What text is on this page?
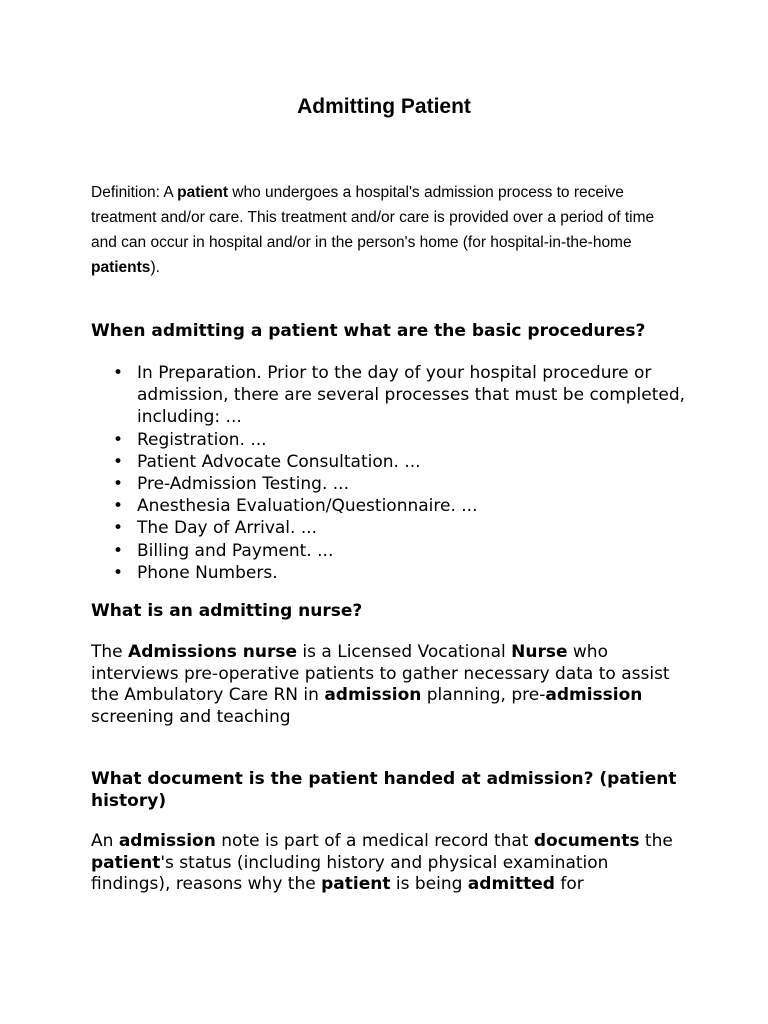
Admitting Patient

Definition: A patient who undergoes a hospital's admission process to receive treatment and/or care. This treatment and/or care is provided over a period of time and can occur in hospital and/or in the person's home (for hospital-in-the-home patients).

When admitting a patient what are the basic procedures?
• In Preparation. Prior to the day of your hospital procedure or admission, there are several processes that must be completed, including: ...
• Registration. ...
• Patient Advocate Consultation. ...
• Pre-Admission Testing. ...
• Anesthesia Evaluation/Questionnaire. ...
• The Day of Arrival. ...
• Billing and Payment. ...
• Phone Numbers.
What is an admitting nurse?

The Admissions nurse is a Licensed Vocational Nurse who interviews pre-operative patients to gather necessary data to assist the Ambulatory Care RN in admission planning, pre-admission screening and teaching

What document is the patient handed at admission? (patient history)

An admission note is part of a medical record that documents the patient's status (including history and physical examination findings), reasons why the patient is being admitted for
